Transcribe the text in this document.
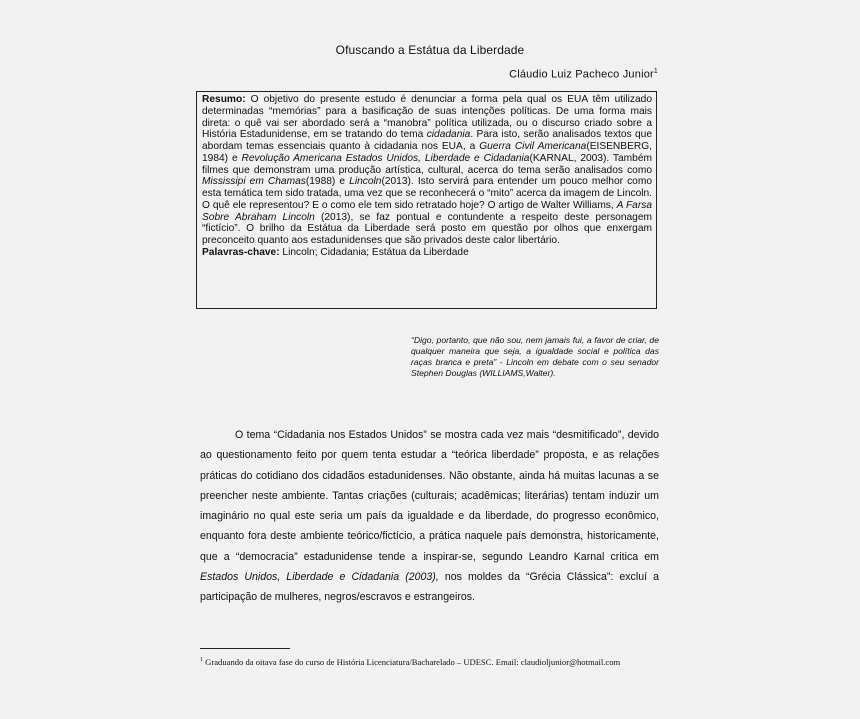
Ofuscando a Estátua da Liberdade
Cláudio Luiz Pacheco Junior$^1$

Resumo: O objetivo do presente estudo é denunciar a forma pela qual os EUA têm utilizado determinadas “memórias” para a basificação de suas intenções políticas. De uma forma mais direta: o quê vai ser abordado será a “manobra” política utilizada, ou o discurso criado sobre a História Estadunidense, em se tratando do tema cidadania. Para isto, serão analisados textos que abordam temas essenciais quanto à cidadania nos EUA, a Guerra Civil Americana(EISENBERG, 1984) e Revolução Americana Estados Unidos, Liberdade e Cidadania(KARNAL, 2003). Também filmes que demonstram uma produção artística, cultural, acerca do tema serão analisados como Mississipi em Chamas(1988) e Lincoln(2013). Isto servirá para entender um pouco melhor como esta temática tem sido tratada, uma vez que se reconhecerá o “mito” acerca da imagem de Lincoln. O quê ele representou? E o como ele tem sido retratado hoje? O artigo de Walter Williams, A Farsa Sobre Abraham Lincoln (2013), se faz pontual e contundente a respeito deste personagem “fictício”. O brilho da Estátua da Liberdade será posto em questão por olhos que enxergam preconceito quanto aos estadunidenses que são privados deste calor libertário.

Palavras-chave: Lincoln; Cidadania; Estátua da Liberdade

“Digo, portanto, que não sou, nem jamais fui, a favor de criar, de qualquer maneira que seja, a igualdade social e política das raças branca e preta” - Lincoln em debate com o seu senador Stephen Douglas (WILLIAMS,Walter).

O tema “Cidadania nos Estados Unidos” se mostra cada vez mais “desmitificado”, devido ao questionamento feito por quem tenta estudar a “teórica liberdade” proposta, e as relações práticas do cotidiano dos cidadãos estadunidenses. Não obstante, ainda há muitas lacunas a se preencher neste ambiente. Tantas criações (culturais; acadêmicas; literárias) tentam induzir um imaginário no qual este seria um país da igualdade e da liberdade, do progresso econômico, enquanto fora deste ambiente teórico/fictício, a prática naquele país demonstra, historicamente, que a “democracia” estadunidense tende a inspirar-se, segundo Leandro Karnal critica em Estados Unidos, Liberdade e Cidadania (2003), nos moldes da “Grécia Clássica”: excluí a participação de mulheres, negros/escravos e estrangeiros.

$^1$ Graduando da oitava fase do curso de História Licenciatura/Bacharelado – UDESC. Email: claudioljunior@hotmail.com
